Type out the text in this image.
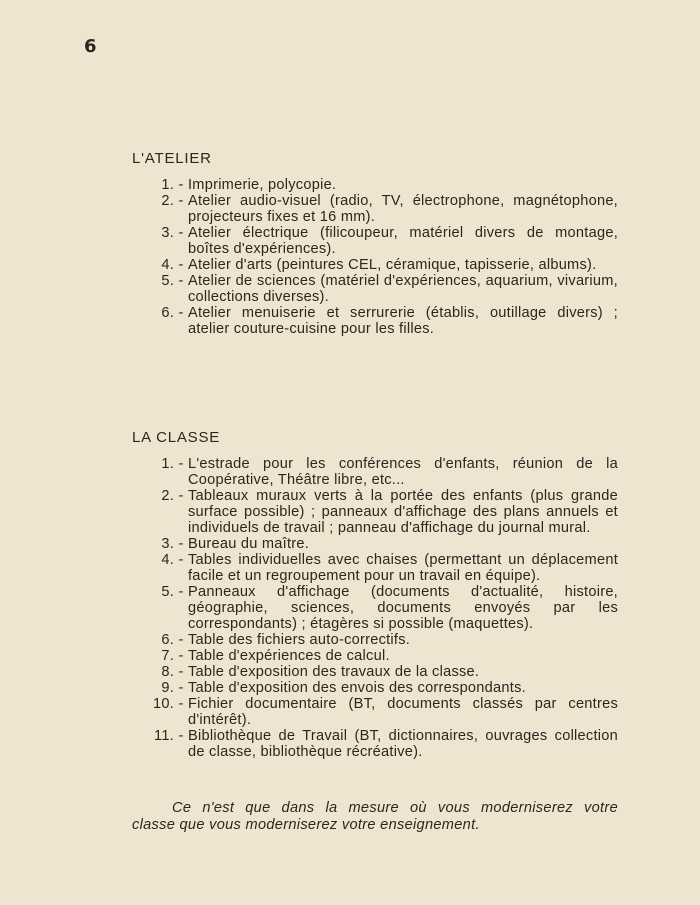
6
L'ATELIER
1. - Imprimerie, polycopie.
2. - Atelier audio-visuel (radio, TV, électrophone, magnétophone, projecteurs fixes et 16 mm).
3. - Atelier électrique (filicoupeur, matériel divers de montage, boîtes d'expériences).
4. - Atelier d'arts (peintures CEL, céramique, tapisserie, albums).
5. - Atelier de sciences (matériel d'expériences, aquarium, vivarium, collections diverses).
6. - Atelier menuiserie et serrurerie (établis, outillage divers) ; atelier couture-cuisine pour les filles.
LA CLASSE
1. - L'estrade pour les conférences d'enfants, réunion de la Coopérative, Théâtre libre, etc...
2. - Tableaux muraux verts à la portée des enfants (plus grande surface possible) ; panneaux d'affichage des plans annuels et individuels de travail ; panneau d'affichage du journal mural.
3. - Bureau du maître.
4. - Tables individuelles avec chaises (permettant un déplacement facile et un regroupement pour un travail en équipe).
5. - Panneaux d'affichage (documents d'actualité, histoire, géographie, sciences, documents envoyés par les correspondants) ; étagères si possible (maquettes).
6. - Table des fichiers auto-correctifs.
7. - Table d'expériences de calcul.
8. - Table d'exposition des travaux de la classe.
9. - Table d'exposition des envois des correspondants.
10. - Fichier documentaire (BT, documents classés par centres d'intérêt).
11. - Bibliothèque de Travail (BT, dictionnaires, ouvrages collection de classe, bibliothèque récréative).
Ce n'est que dans la mesure où vous moderniserez votre
classe que vous moderniserez votre enseignement.
